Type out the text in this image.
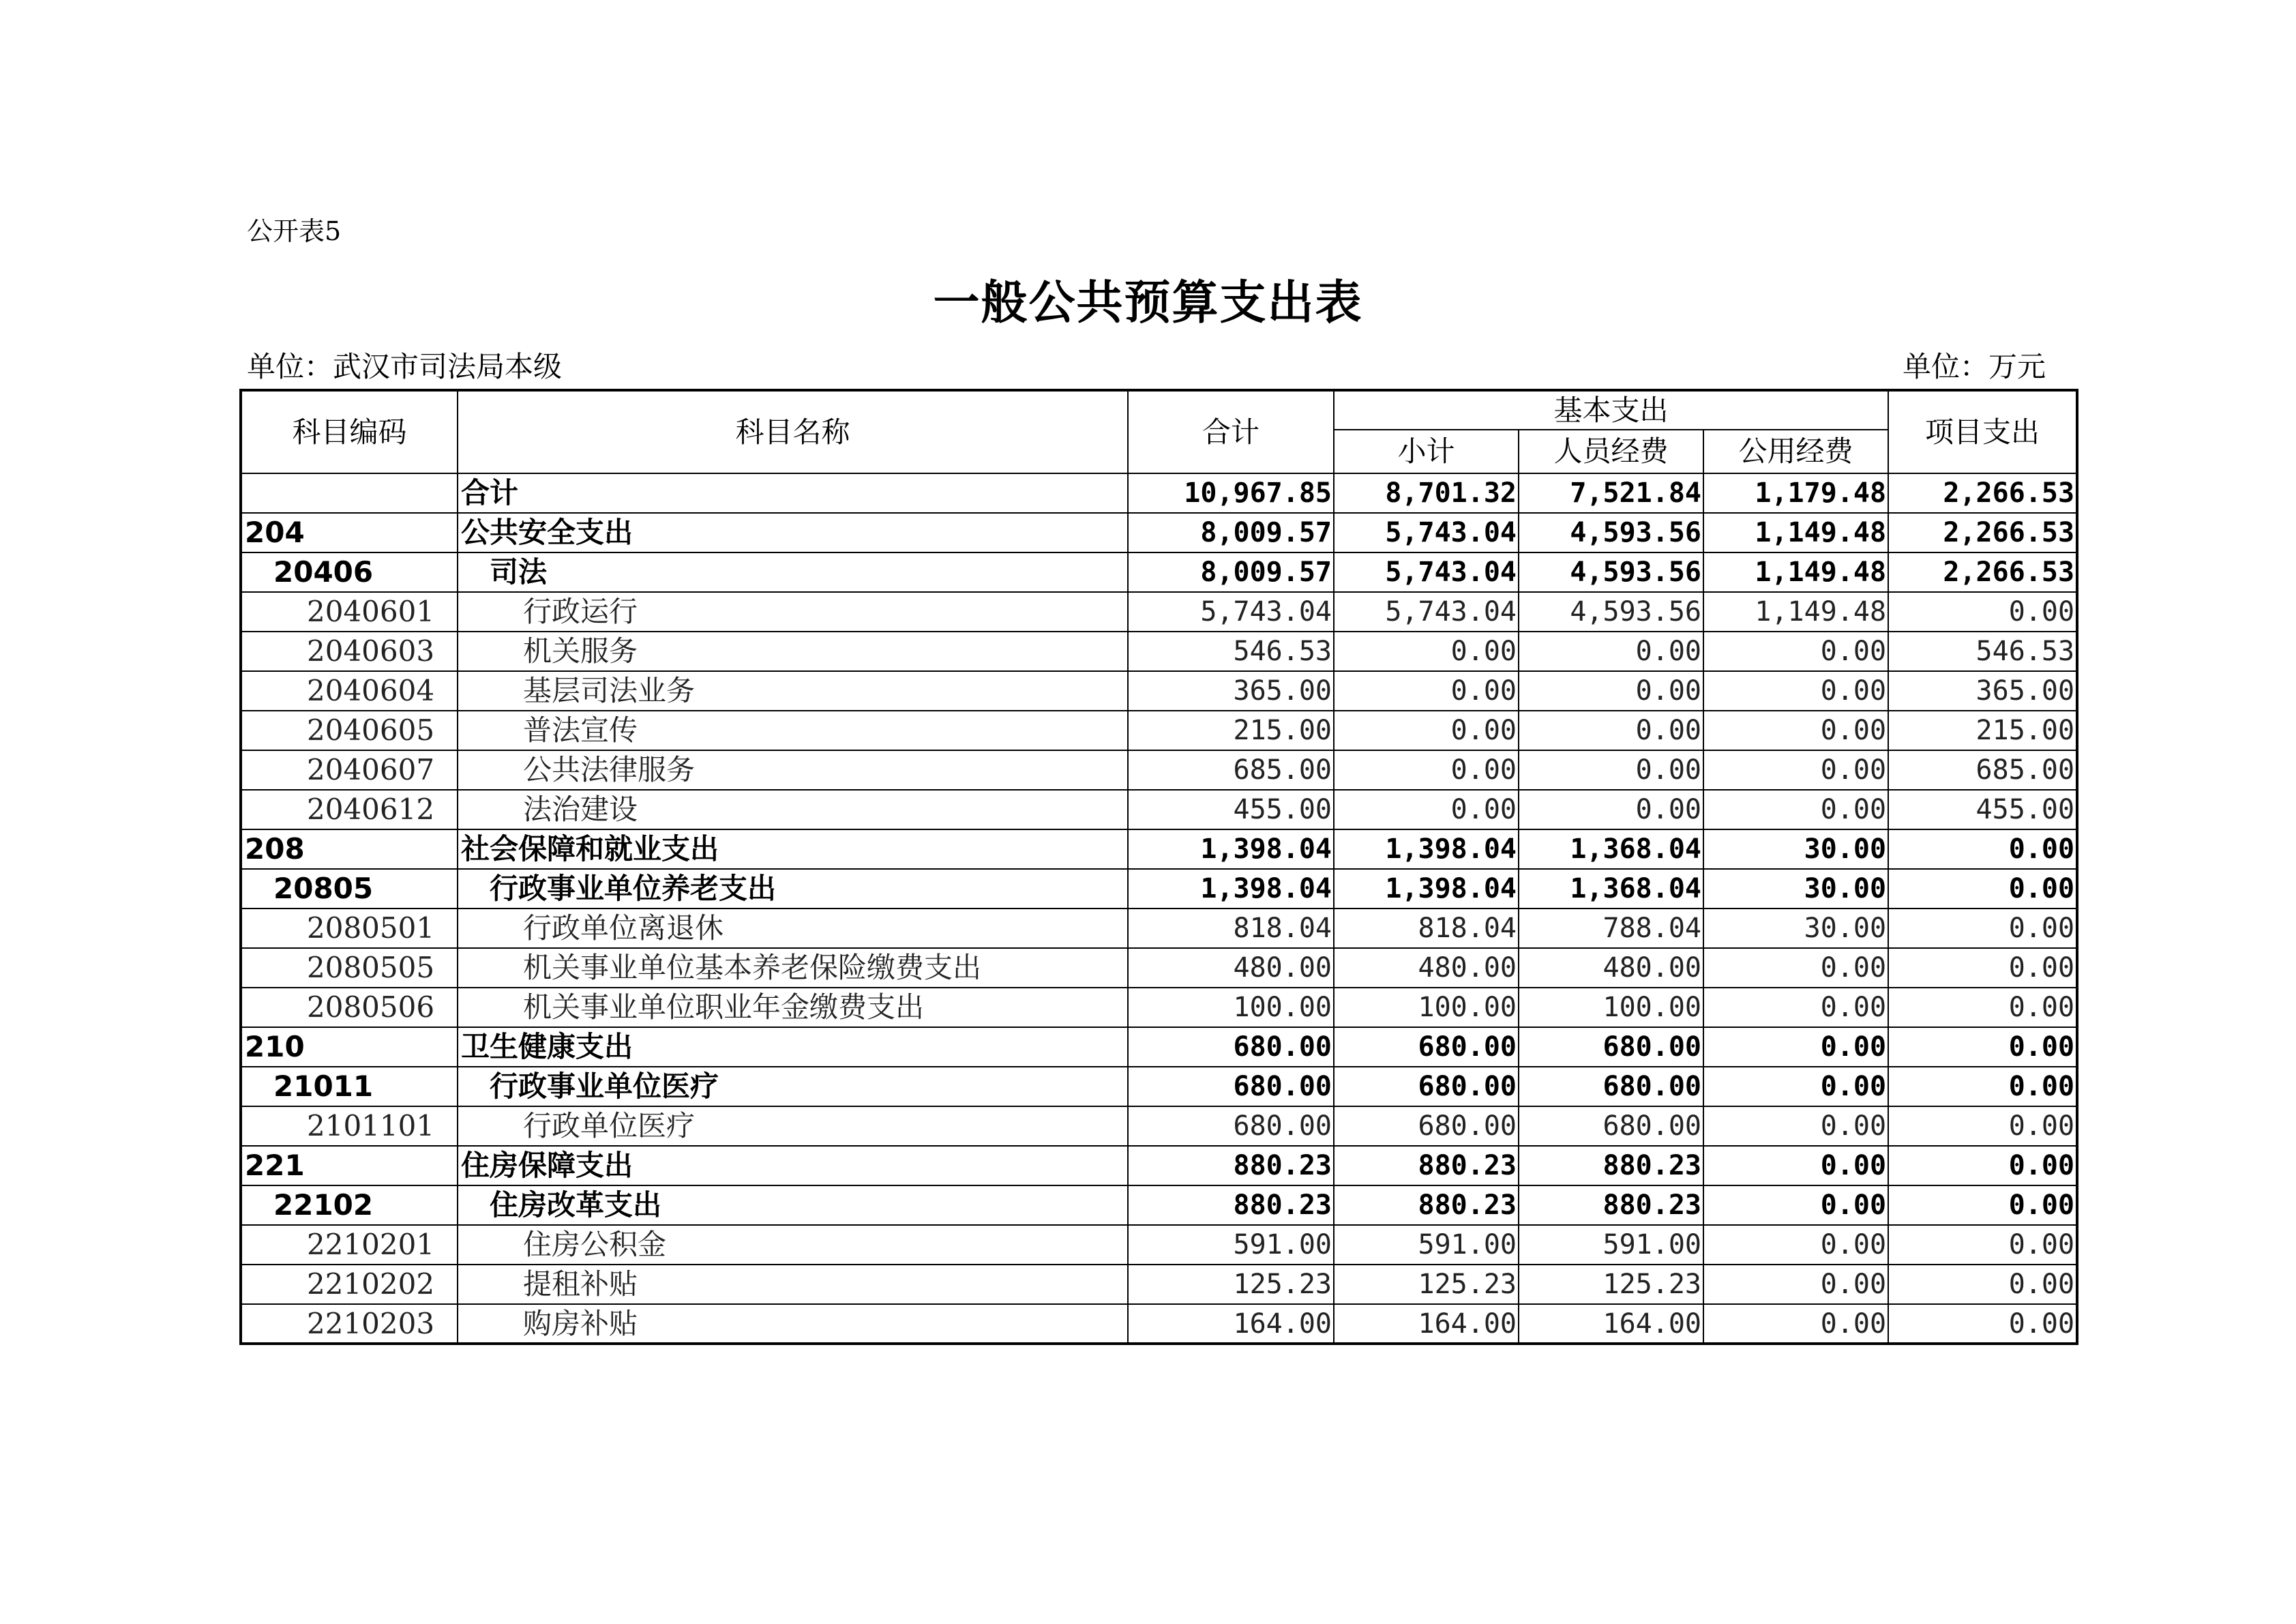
公开表5
一般公共预算支出表
单位：武汉市司法局本级	单位：万元
科目编码	科目名称	合计	基本支出			项目支出
			小计	人员经费	公用经费	
	合计	10,967.85	8,701.32	7,521.84	1,179.48	2,266.53
204	公共安全支出	8,009.57	5,743.04	4,593.56	1,149.48	2,266.53
20406	司法	8,009.57	5,743.04	4,593.56	1,149.48	2,266.53
2040601	行政运行	5,743.04	5,743.04	4,593.56	1,149.48	0.00
2040603	机关服务	546.53	0.00	0.00	0.00	546.53
2040604	基层司法业务	365.00	0.00	0.00	0.00	365.00
2040605	普法宣传	215.00	0.00	0.00	0.00	215.00
2040607	公共法律服务	685.00	0.00	0.00	0.00	685.00
2040612	法治建设	455.00	0.00	0.00	0.00	455.00
208	社会保障和就业支出	1,398.04	1,398.04	1,368.04	30.00	0.00
20805	行政事业单位养老支出	1,398.04	1,398.04	1,368.04	30.00	0.00
2080501	行政单位离退休	818.04	818.04	788.04	30.00	0.00
2080505	机关事业单位基本养老保险缴费支出	480.00	480.00	480.00	0.00	0.00
2080506	机关事业单位职业年金缴费支出	100.00	100.00	100.00	0.00	0.00
210	卫生健康支出	680.00	680.00	680.00	0.00	0.00
21011	行政事业单位医疗	680.00	680.00	680.00	0.00	0.00
2101101	行政单位医疗	680.00	680.00	680.00	0.00	0.00
221	住房保障支出	880.23	880.23	880.23	0.00	0.00
22102	住房改革支出	880.23	880.23	880.23	0.00	0.00
2210201	住房公积金	591.00	591.00	591.00	0.00	0.00
2210202	提租补贴	125.23	125.23	125.23	0.00	0.00
2210203	购房补贴	164.00	164.00	164.00	0.00	0.00
